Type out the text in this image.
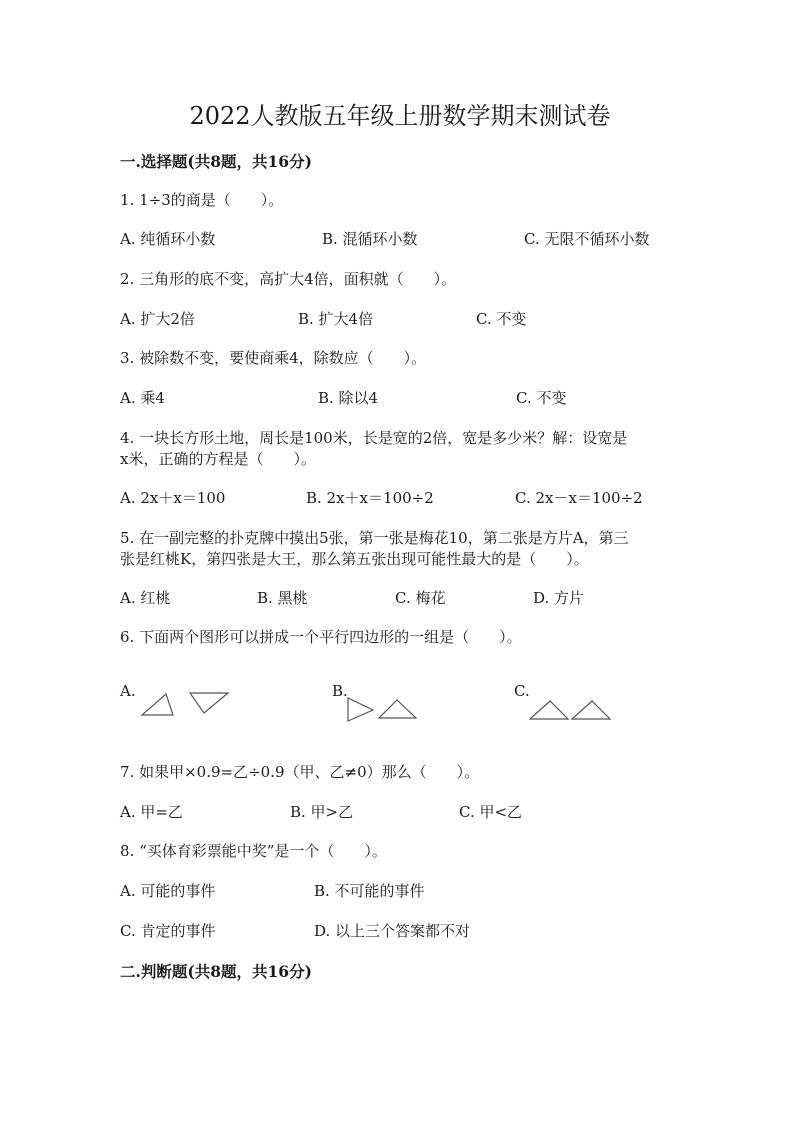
2022人教版五年级上册数学期末测试卷
一.选择题(共8题，共16分)
1. 1÷3的商是（　　）。
A. 纯循环小数	B. 混循环小数	C. 无限不循环小数
2. 三角形的底不变，高扩大4倍，面积就（　　）。
A. 扩大2倍	B. 扩大4倍	C. 不变
3. 被除数不变，要使商乘4，除数应（　　）。
A. 乘4	B. 除以4	C. 不变
4. 一块长方形土地，周长是100米，长是宽的2倍，宽是多少米？解：设宽是
x米，正确的方程是（　　）。
A. 2x＋x＝100	B. 2x＋x＝100÷2	C. 2x－x＝100÷2
5. 在一副完整的扑克牌中摸出5张，第一张是梅花10，第二张是方片A，第三
张是红桃K，第四张是大王，那么第五张出现可能性最大的是（　　）。
A. 红桃	B. 黑桃	C. 梅花	D. 方片
6. 下面两个图形可以拼成一个平行四边形的一组是（　　）。
A.	B.	C.
7. 如果甲×0.9=乙÷0.9（甲、乙≠0）那么（　　）。
A. 甲=乙	B. 甲>乙	C. 甲<乙
8. “买体育彩票能中奖”是一个（　　）。
A. 可能的事件	B. 不可能的事件
C. 肯定的事件	D. 以上三个答案都不对
二.判断题(共8题，共16分)
